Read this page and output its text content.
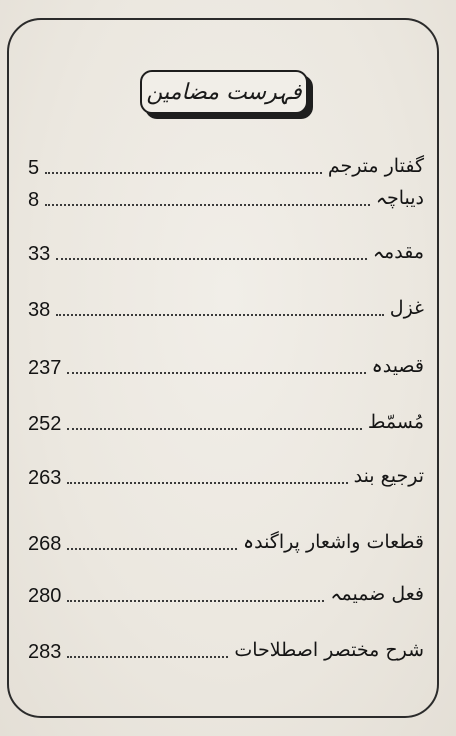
فہرست مضامین
5	گفتار مترجم
8	دیباچہ
33	مقدمہ
38	غزل
237	قصیدہ
252	مُسمّط
263	ترجیع بند
268	قطعات واشعار پراگندہ
280	فعل ضمیمہ
283	شرح مختصر اصطلاحات
